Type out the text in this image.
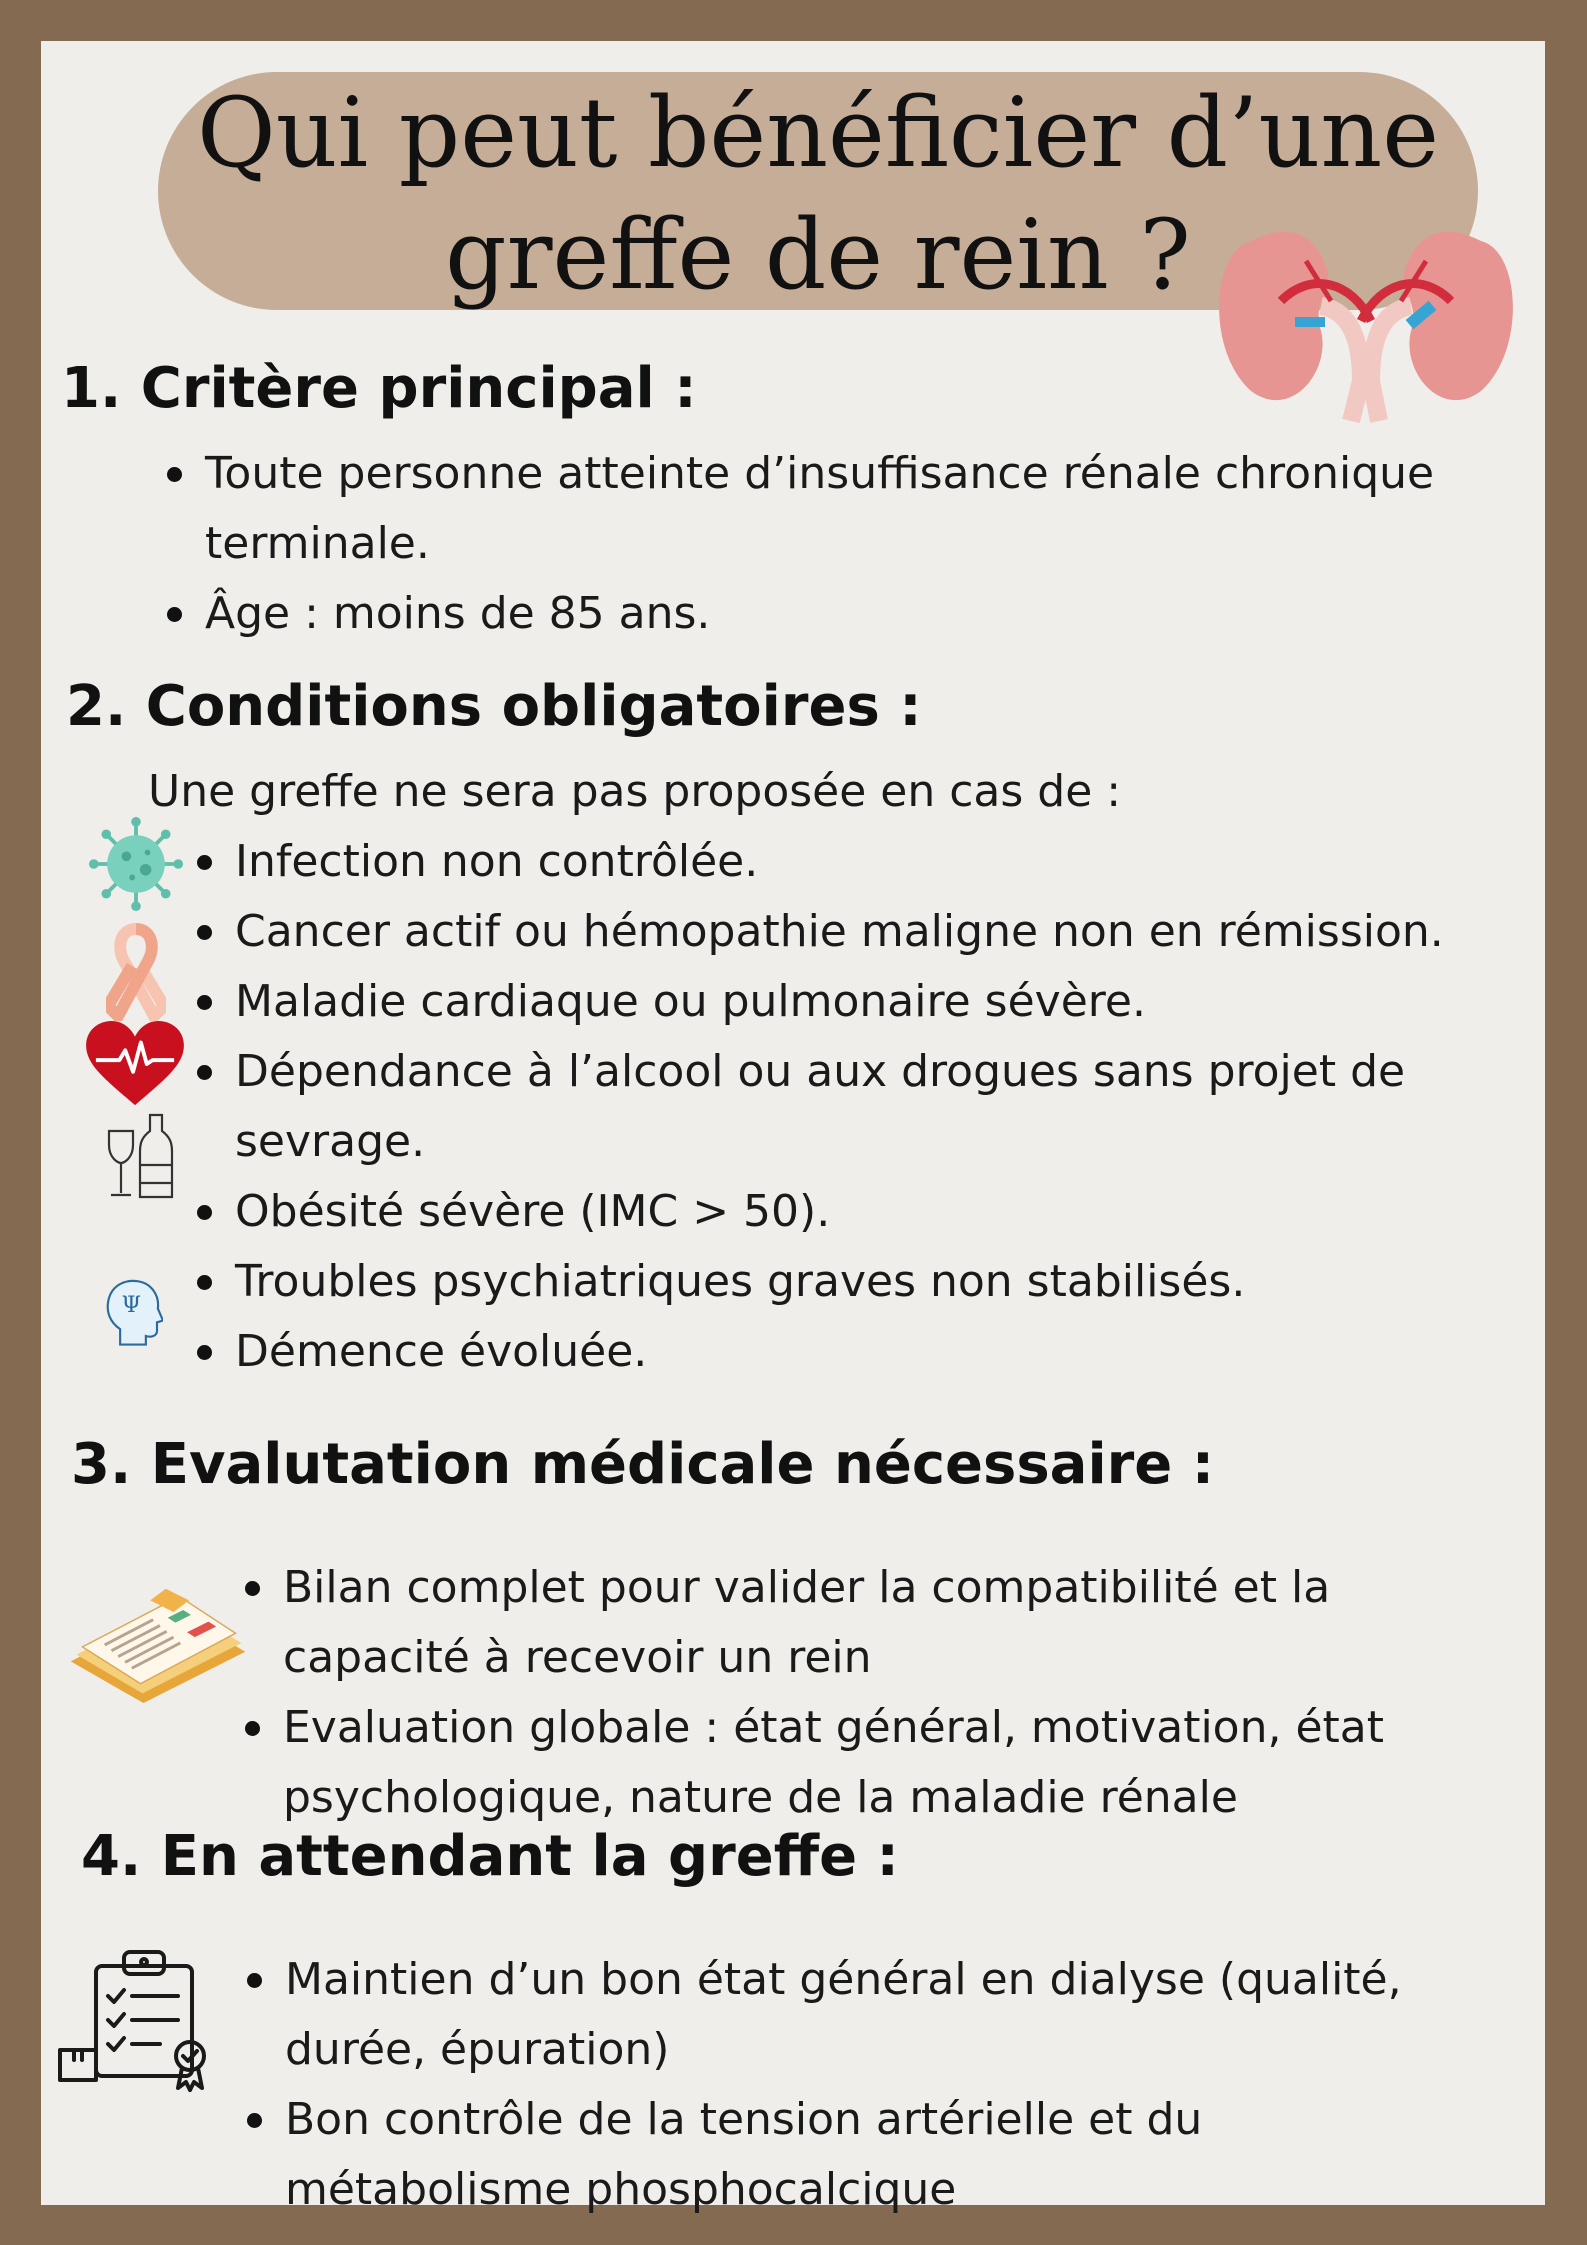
Qui peut bénéficier d’une
greffe de rein ?
1. Critère principal :
Toute personne atteinte d’insuffisance rénale chronique terminale.
Âge : moins de 85 ans.
2. Conditions obligatoires :
Une greffe ne sera pas proposée en cas de :
Infection non contrôlée.
Cancer actif ou hémopathie maligne non en rémission.
Maladie cardiaque ou pulmonaire sévère.
Dépendance à l’alcool ou aux drogues sans projet de sevrage.
Obésité sévère (IMC > 50).
Troubles psychiatriques graves non stabilisés.
Démence évoluée.
Ψ
3. Evalutation médicale nécessaire :
Bilan complet pour valider la compatibilité et la capacité à recevoir un rein
Evaluation globale : état général, motivation, état psychologique, nature de la maladie rénale
4. En attendant la greffe :
Maintien d’un bon état général en dialyse (qualité, durée, épuration)
Bon contrôle de la tension artérielle et du métabolisme phosphocalcique
